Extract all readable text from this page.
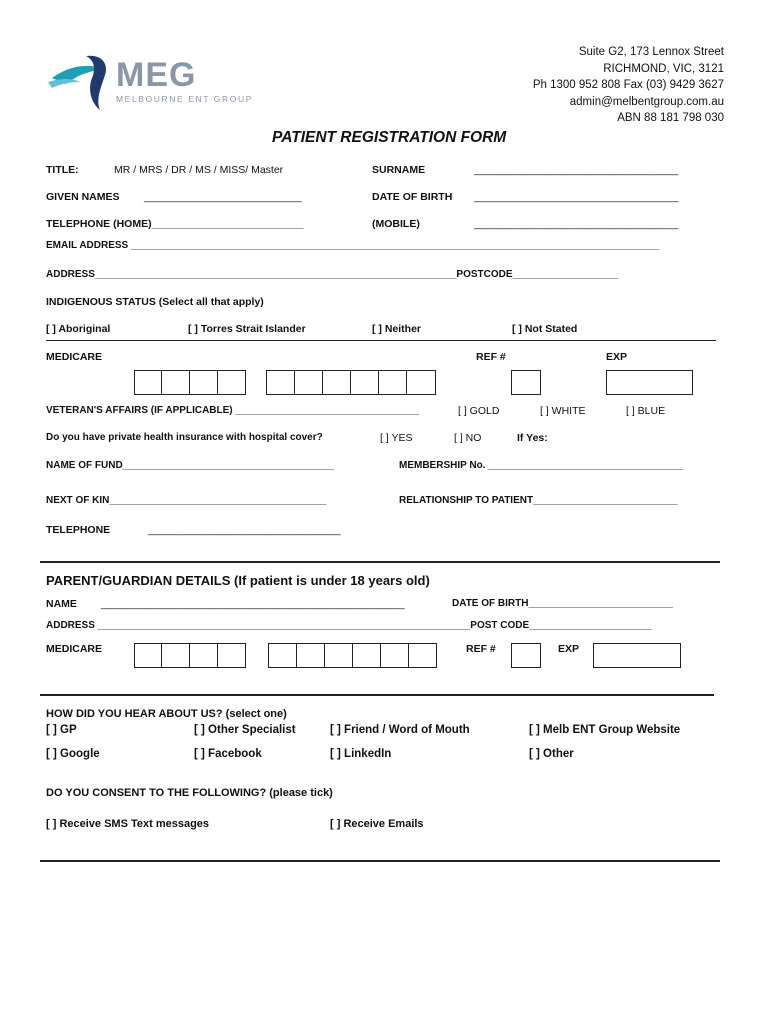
MEG
MELBOURNE ENT GROUP
Suite G2, 173 Lennox Street
RICHMOND, VIC, 3121
Ph 1300 952 808 Fax (03) 9429 3627
admin@melbentgroup.com.au
ABN 88 181 798 030
PATIENT REGISTRATION FORM
TITLE:	MR / MRS / DR / MS / MISS/ Master	SURNAME	___________________________________
GIVEN NAMES ___________________________	DATE OF BIRTH ___________________________________
TELEPHONE (HOME)__________________________	(MOBILE)	___________________________________
EMAIL ADDRESS _______________________________________________________________________________________________
ADDRESS_________________________________________________________________POSTCODE___________________
INDIGENOUS STATUS (Select all that apply)
[ ] Aboriginal	[ ] Torres Strait Islander	[ ] Neither	[ ] Not Stated
MEDICARE	REF #	EXP
VETERAN'S AFFAIRS (IF APPLICABLE) _________________________________	[ ] GOLD	[ ] WHITE	[ ] BLUE
Do you have private health insurance with hospital cover?	[ ] YES	[ ] NO	If Yes:
NAME OF FUND______________________________________	MEMBERSHIP No. ___________________________________
NEXT OF KIN_______________________________________	RELATIONSHIP TO PATIENT__________________________
TELEPHONE	_________________________________
PARENT/GUARDIAN DETAILS (If patient is under 18 years old)
NAME ____________________________________________________	DATE OF BIRTH__________________________
ADDRESS ___________________________________________________________________POST CODE______________________
MEDICARE	REF #	EXP
HOW DID YOU HEAR ABOUT US? (select one)
[ ] GP	[ ] Other Specialist	[ ] Friend / Word of Mouth	[ ] Melb ENT Group Website
[ ] Google	[ ] Facebook	[ ] LinkedIn	[ ] Other
DO YOU CONSENT TO THE FOLLOWING? (please tick)
[ ] Receive SMS Text messages	[ ] Receive Emails
